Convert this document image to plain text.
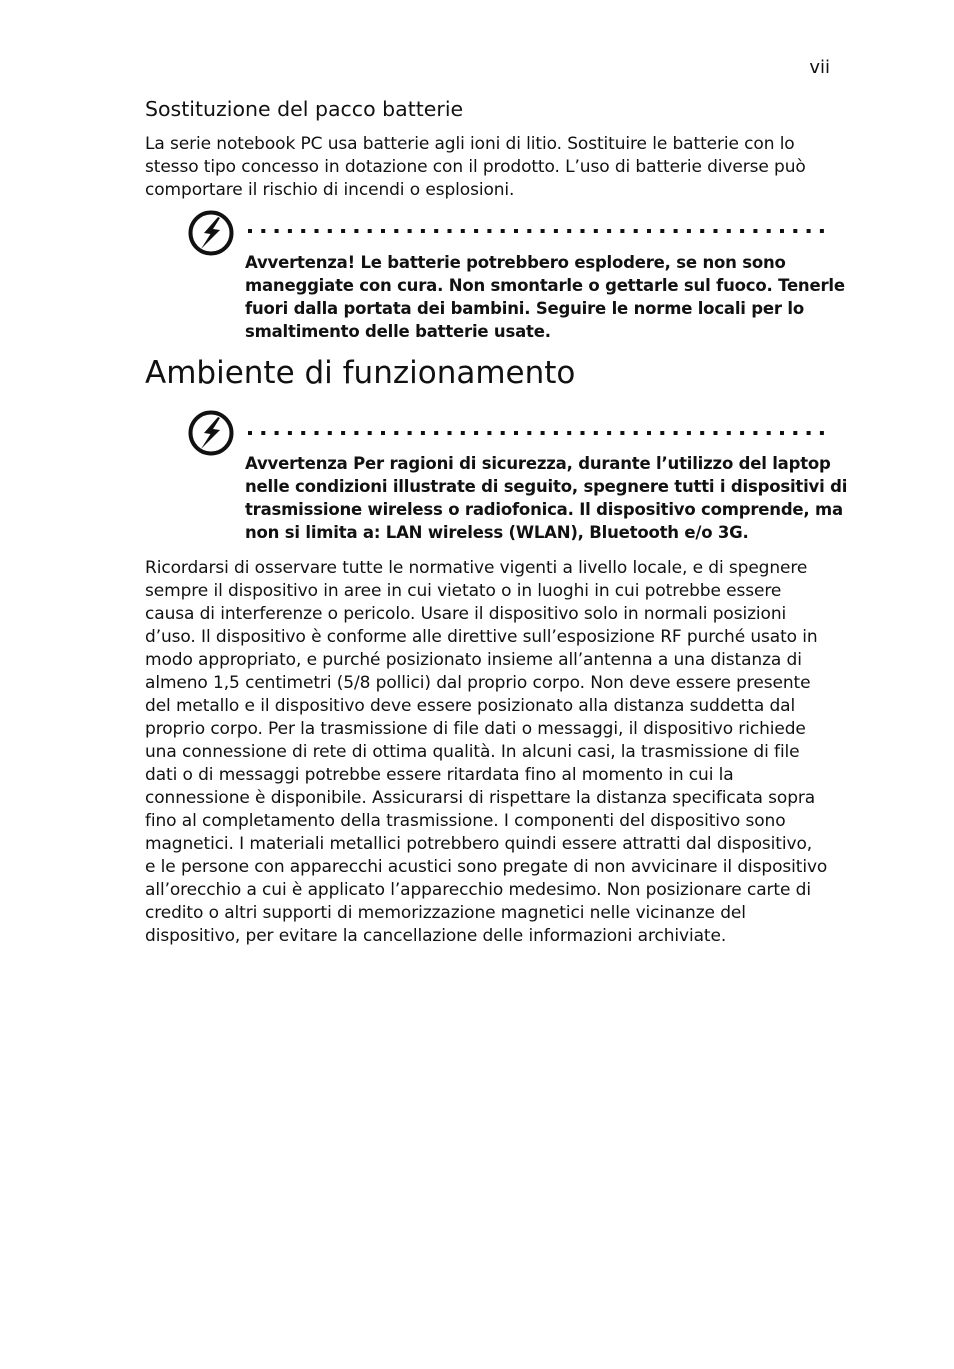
vii
Sostituzione del pacco batterie

La serie notebook PC usa batterie agli ioni di litio. Sostituire le batterie con lo
stesso tipo concesso in dotazione con il prodotto. L’uso di batterie diverse può
comportare il rischio di incendi o esplosioni.

Avvertenza! Le batterie potrebbero esplodere, se non sono
maneggiate con cura. Non smontarle o gettarle sul fuoco. Tenerle
fuori dalla portata dei bambini. Seguire le norme locali per lo
smaltimento delle batterie usate.
Ambiente di funzionamento
Avvertenza Per ragioni di sicurezza, durante l’utilizzo del laptop
nelle condizioni illustrate di seguito, spegnere tutti i dispositivi di
trasmissione wireless o radiofonica. Il dispositivo comprende, ma
non si limita a: LAN wireless (WLAN), Bluetooth e/o 3G.

Ricordarsi di osservare tutte le normative vigenti a livello locale, e di spegnere
sempre il dispositivo in aree in cui vietato o in luoghi in cui potrebbe essere
causa di interferenze o pericolo. Usare il dispositivo solo in normali posizioni
d’uso. Il dispositivo è conforme alle direttive sull’esposizione RF purché usato in
modo appropriato, e purché posizionato insieme all’antenna a una distanza di
almeno 1,5 centimetri (5/8 pollici) dal proprio corpo. Non deve essere presente
del metallo e il dispositivo deve essere posizionato alla distanza suddetta dal
proprio corpo. Per la trasmissione di file dati o messaggi, il dispositivo richiede
una connessione di rete di ottima qualità. In alcuni casi, la trasmissione di file
dati o di messaggi potrebbe essere ritardata fino al momento in cui la
connessione è disponibile. Assicurarsi di rispettare la distanza specificata sopra
fino al completamento della trasmissione. I componenti del dispositivo sono
magnetici. I materiali metallici potrebbero quindi essere attratti dal dispositivo,
e le persone con apparecchi acustici sono pregate di non avvicinare il dispositivo
all’orecchio a cui è applicato l’apparecchio medesimo. Non posizionare carte di
credito o altri supporti di memorizzazione magnetici nelle vicinanze del
dispositivo, per evitare la cancellazione delle informazioni archiviate.
